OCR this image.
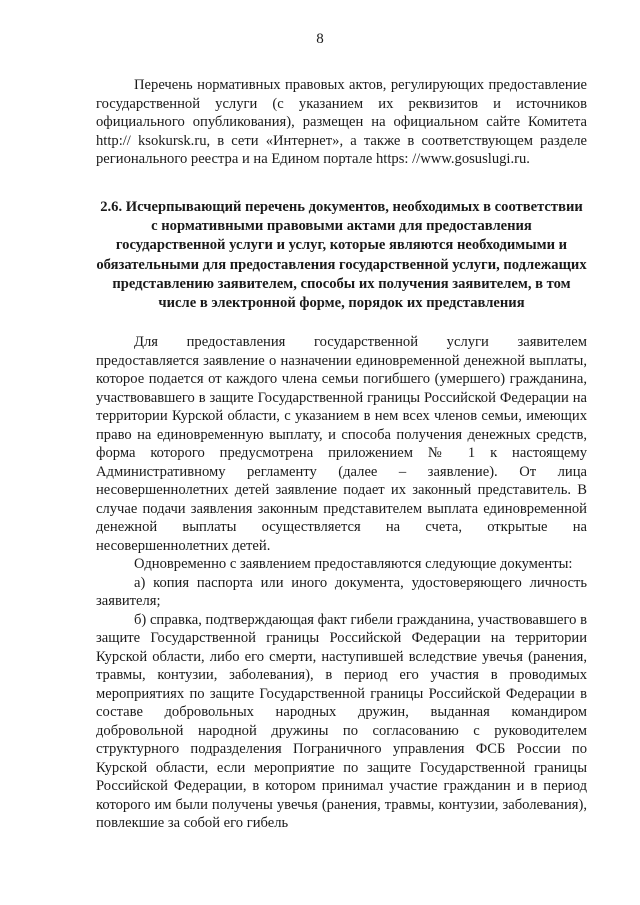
8

Перечень нормативных правовых актов, регулирующих предоставление государственной услуги (с указанием их реквизитов и источников официального опубликования), размещен на официальном сайте Комитета http:// ksokursk.ru, в сети «Интернет», а также в соответствующем разделе регионального реестра и на Едином портале https: //www.gosuslugi.ru.

2.6. Исчерпывающий перечень документов, необходимых в соответствии с нормативными правовыми актами для предоставления государственной услуги и услуг, которые являются необходимыми и обязательными для предоставления государственной услуги, подлежащих представлению заявителем, способы их получения заявителем, в том числе в электронной форме, порядок их представления

Для предоставления государственной услуги заявителем предоставляется заявление о назначении единовременной денежной выплаты, которое подается от каждого члена семьи погибшего (умершего) гражданина, участвовавшего в защите Государственной границы Российской Федерации на территории Курской области, с указанием в нем всех членов семьи, имеющих право на единовременную выплату, и способа получения денежных средств, форма которого предусмотрена приложением № 1 к настоящему Административному регламенту (далее – заявление). От лица несовершеннолетних детей заявление подает их законный представитель. В случае подачи заявления законным представителем выплата единовременной денежной выплаты осуществляется на счета, открытые на несовершеннолетних детей.

Одновременно с заявлением предоставляются следующие документы:

а) копия паспорта или иного документа, удостоверяющего личность заявителя;

б) справка, подтверждающая факт гибели гражданина, участвовавшего в защите Государственной границы Российской Федерации на территории Курской области, либо его смерти, наступившей вследствие увечья (ранения, травмы, контузии, заболевания), в период его участия в проводимых мероприятиях по защите Государственной границы Российской Федерации в составе добровольных народных дружин, выданная командиром добровольной народной дружины по согласованию с руководителем структурного подразделения Пограничного управления ФСБ России по Курской области, если мероприятие по защите Государственной границы Российской Федерации, в котором принимал участие гражданин и в период которого им были получены увечья (ранения, травмы, контузии, заболевания), повлекшие за собой его гибель
